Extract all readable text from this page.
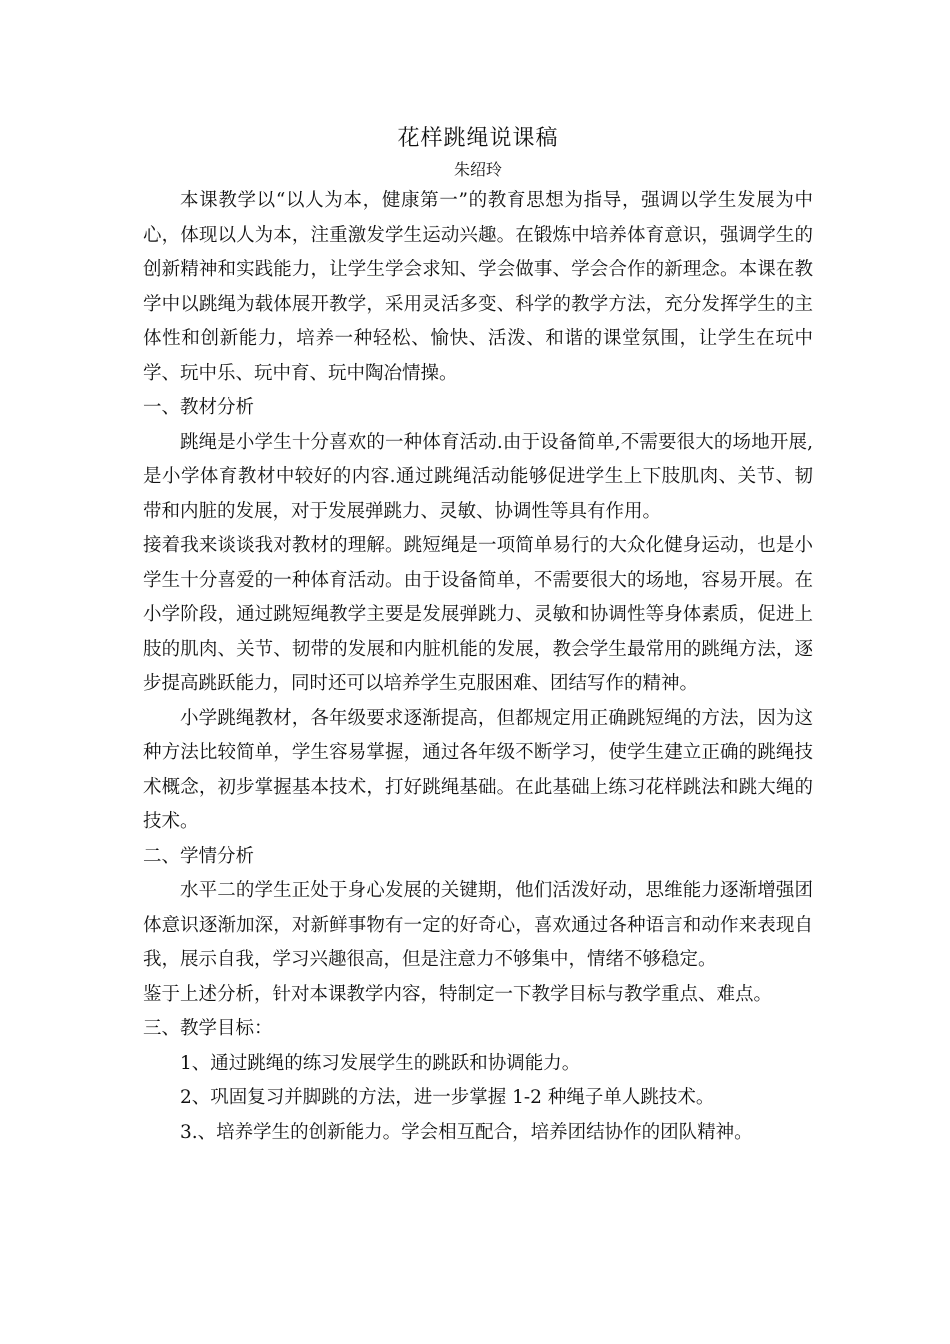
花样跳绳说课稿

朱绍玲

本课教学以“以人为本，健康第一”的教育思想为指导，强调以学生发展为中心，体现以人为本，注重激发学生运动兴趣。在锻炼中培养体育意识，强调学生的创新精神和实践能力，让学生学会求知、学会做事、学会合作的新理念。本课在教学中以跳绳为载体展开教学，采用灵活多变、科学的教学方法，充分发挥学生的主体性和创新能力，培养一种轻松、愉快、活泼、和谐的课堂氛围，让学生在玩中学、玩中乐、玩中育、玩中陶冶情操。

一、教材分析

跳绳是小学生十分喜欢的一种体育活动.由于设备简单,不需要很大的场地开展,是小学体育教材中较好的内容.通过跳绳活动能够促进学生上下肢肌肉、关节、韧带和内脏的发展，对于发展弹跳力、灵敏、协调性等具有作用。

接着我来谈谈我对教材的理解。跳短绳是一项简单易行的大众化健身运动，也是小学生十分喜爱的一种体育活动。由于设备简单，不需要很大的场地，容易开展。在小学阶段，通过跳短绳教学主要是发展弹跳力、灵敏和协调性等身体素质，促进上肢的肌肉、关节、韧带的发展和内脏机能的发展，教会学生最常用的跳绳方法，逐步提高跳跃能力，同时还可以培养学生克服困难、团结写作的精神。

小学跳绳教材，各年级要求逐渐提高，但都规定用正确跳短绳的方法，因为这种方法比较简单，学生容易掌握，通过各年级不断学习，使学生建立正确的跳绳技术概念，初步掌握基本技术，打好跳绳基础。在此基础上练习花样跳法和跳大绳的技术。

二、学情分析

水平二的学生正处于身心发展的关键期，他们活泼好动，思维能力逐渐增强团体意识逐渐加深，对新鲜事物有一定的好奇心，喜欢通过各种语言和动作来表现自我，展示自我，学习兴趣很高，但是注意力不够集中，情绪不够稳定。

鉴于上述分析，针对本课教学内容，特制定一下教学目标与教学重点、难点。

三、教学目标：

1、通过跳绳的练习发展学生的跳跃和协调能力。

2、巩固复习并脚跳的方法，进一步掌握 1-2 种绳子单人跳技术。

3.、培养学生的创新能力。学会相互配合，培养团结协作的团队精神。
